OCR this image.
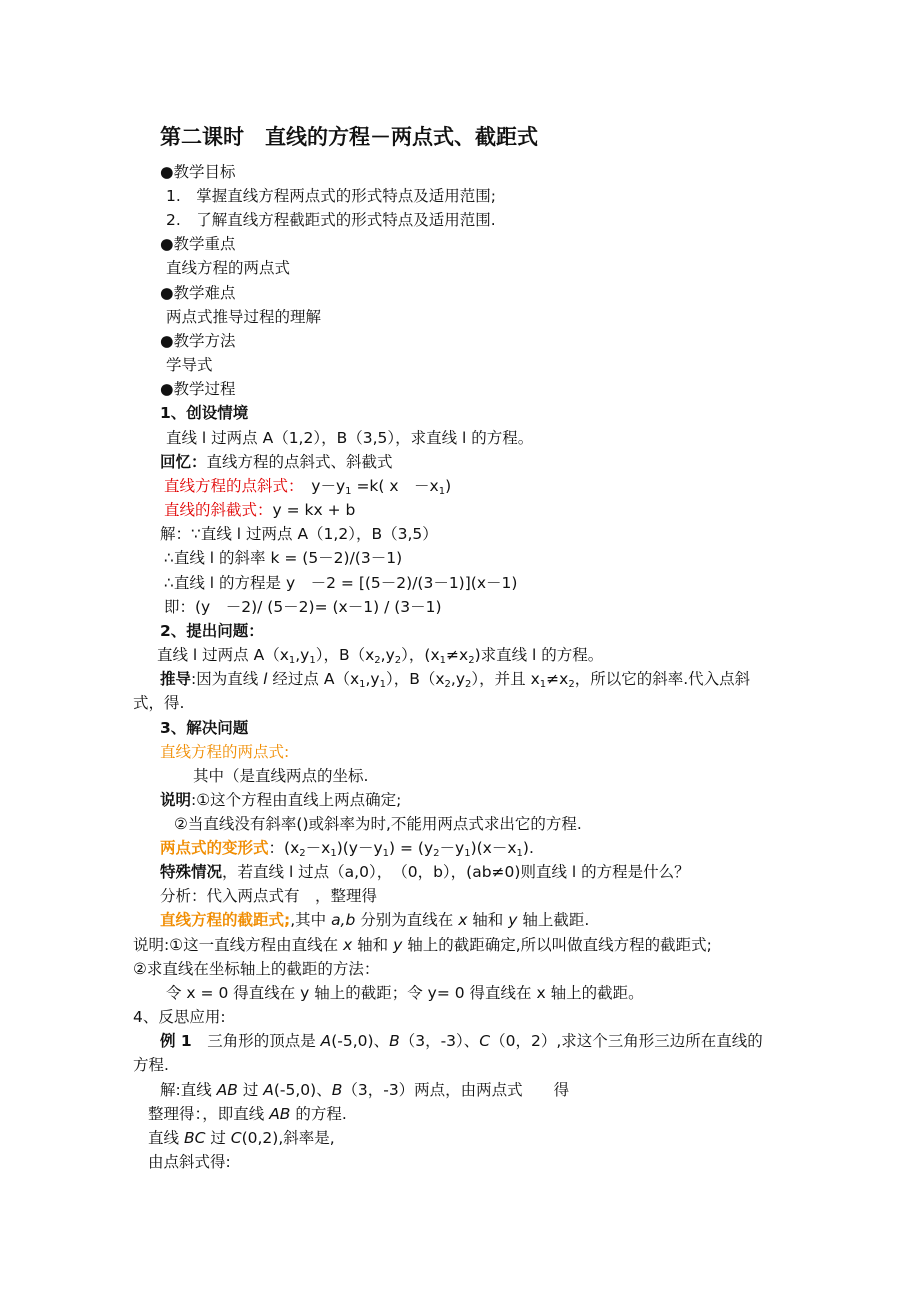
第二课时　直线的方程－两点式、截距式
●教学目标
1.　掌握直线方程两点式的形式特点及适用范围;
2.　了解直线方程截距式的形式特点及适用范围.
●教学重点
直线方程的两点式
●教学难点
两点式推导过程的理解
●教学方法
学导式
●教学过程
1、创设情境
直线 l 过两点 A（1,2），B（3,5），求直线 l 的方程。
回忆：直线方程的点斜式、斜截式
直线方程的点斜式：　 $y-y_1 =k$( x　$-x_1$)
直线的斜截式：y = kx + b
解：∵直线 l 过两点 A（1,2），B（3,5）
∴直线 l 的斜率 k = (5－2)/(3－1)
∴直线 l 的方程是 y　－2 = [(5－2)/(3－1)](x－1)
即：(y　－2)/ (5－2)= (x－1) / (3－1)
2、提出问题：
直线 l 过两点 $A(x_1,y_1)$，$B(x_2,y_2)$，$(x_1\ne x_2)$求直线 l 的方程。
推导:因为直线 l 经过点 $A(x_1,y_1)$，$B(x_2,y_2)$，并且 $x_1\ne x_2$，所以它的斜率.代入点斜
式，得.
3、解决问题
直线方程的两点式:
其中（是直线两点的坐标.
说明:①这个方程由直线上两点确定;
②当直线没有斜率()或斜率为时,不能用两点式求出它的方程.
两点式的变形式：$(x_2-x_1)(y-y_1) = (y_2-y_1)(x-x_1)$.
特殊情况，若直线 l 过点（a,0），　（0，b），(ab≠0)则直线 l 的方程是什么？
分析：代入两点式有　，整理得
直线方程的截距式;,其中 a,b 分别为直线在 x 轴和 y 轴上截距.
说明:①这一直线方程由直线在 x 轴和 y 轴上的截距确定,所以叫做直线方程的截距式;
②求直线在坐标轴上的截距的方法：
令 x = 0 得直线在 y 轴上的截距；令 y= 0 得直线在 x 轴上的截距。
4、反思应用:
例 1　三角形的顶点是 A(-5,0)、B（3，-3）、C（0，2）,求这个三角形三边所在直线的
方程.
解:直线 AB 过 A(-5,0)、B（3，-3）两点，由两点式　　得
整理得：，即直线 AB 的方程.
直线 BC 过 C(0,2),斜率是,
由点斜式得:
